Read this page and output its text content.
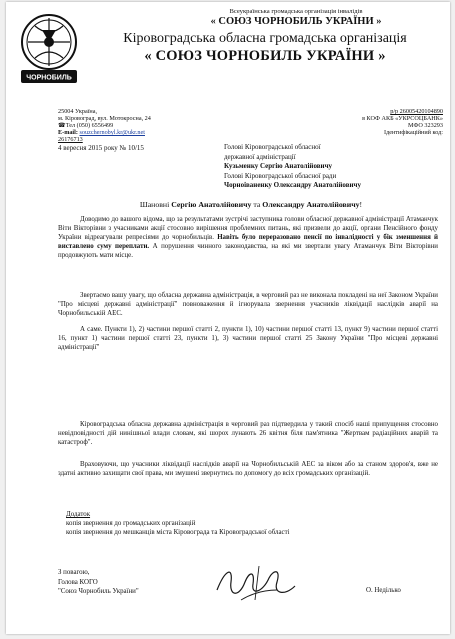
ЧОРНОБИЛЬ
Всеукраїнська громадська організація інвалідів
« СОЮЗ ЧОРНОБИЛЬ УКРАЇНИ »
Кіровоградська обласна громадська організація
« СОЮЗ ЧОРНОБИЛЬ УКРАЇНИ »
25004 Україна,
м. Кіровоград, вул. Мотокросна, 24
☎Тел (050) 6556499
E-mail: souzchernobyl.kr@ukr.net
26176713
р/р 26005420104890
в КОФ АКБ «УКРСОЦБАНК»
МФО 323293
Ідентифікаційний код:
4 вересня 2015 року № 10/15	Голові Кіровоградської обласної
державної адміністрації
Кузьменку Сергію Анатолійовичу
Голові Кіровоградської обласної ради
Чорноіваненку Олександру Анатолійовичу
Шановні Сергію Анатолійовичу та Олександру Анатолійовичу!
Доводимо до вашого відома, що за результатами зустрічі заступника голови обласної державної адміністрації Атаманчук Віти Вікторівни з учасниками акції стосовно вирішення проблемних питань, які призвели до акції, органи Пенсійного фонду України відреагували репресіями до чорнобильців. Навіть було переразовано пенсії по інвалідності у бік зменшення й виставлено суму переплати. А порушення чинного законодавства, на які ми звертали увагу Атаманчук Віти Вікторівни продовжують мати місце.
Звертаємо вашу увагу, що обласна державна адміністрація, в черговий раз не виконала покладені на неї Законом України "Про місцеві державні адміністрації" повноваження й ігнорувала звернення учасників ліквідації наслідків аварії на Чорнобильській АЕС.
А саме. Пункти 1), 2) частини першої статті 2, пункти 1), 10) частини першої статті 13, пункт 9) частини першої статті 16, пункт 1) частини першої статті 23, пункти 1), 3) частини першої статті 25 Закону України "Про місцеві державні адміністрації"
Кіровоградська обласна державна адміністрація в черговий раз підтвердила у такий спосіб наші припущення стосовно невідповідності дій нинішньої влади словам, які шорох лунають 26 квітня біля пам'ятника "Жертвам радіаційних аварій та катастроф".
Враховуючи, що учасники ліквідації наслідків аварії на Чорнобильській АЕС за віком або за станом здоров'я, вже не здатні активно захищати свої права, ми змушені звернутись по допомогу до всіх громадських організацій.
Додаток
копія звернення до громадських організацій
копія звернення до мешканців міста Кіровограда та Кіровоградської області
З повагою,
Голова КОГО
"Союз Чорнобиль України"	О. Неділько
